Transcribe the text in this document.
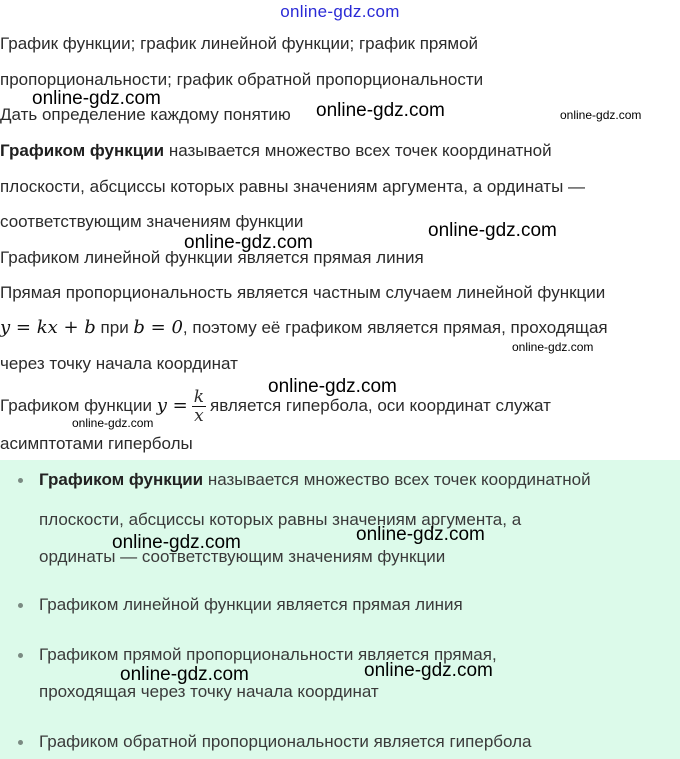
online-gdz.com
График функции; график линейной функции; график прямой
пропорциональности; график обратной пропорциональности
Дать определение каждому понятию
Графиком функции называется множество всех точек координатной
плоскости, абсциссы которых равны значениям аргумента, а ординаты —
соответствующим значениям функции
Графиком линейной функции является прямая линия
Прямая пропорциональность является частным случаем линейной функции
y = kx + b при b = 0, поэтому её графиком является прямая, проходящая
через точку начала координат
Графиком функции $y = \frac{k}{x}$ является гипербола, оси координат служат
асимптотами гиперболы
Графиком функции называется множество всех точек координатной
плоскости, абсциссы которых равны значениям аргумента, а
ординаты — соответствующим значениям функции
Графиком линейной функции является прямая линия
Графиком прямой пропорциональности является прямая,
проходящая через точку начала координат
Графиком обратной пропорциональности является гипербола
online-gdz.com
online-gdz.com	online-gdz.com
online-gdz.com
online-gdz.com
online-gdz.com
online-gdz.com
online-gdz.com
online-gdz.com
online-gdz.com
online-gdz.com
online-gdz.com
